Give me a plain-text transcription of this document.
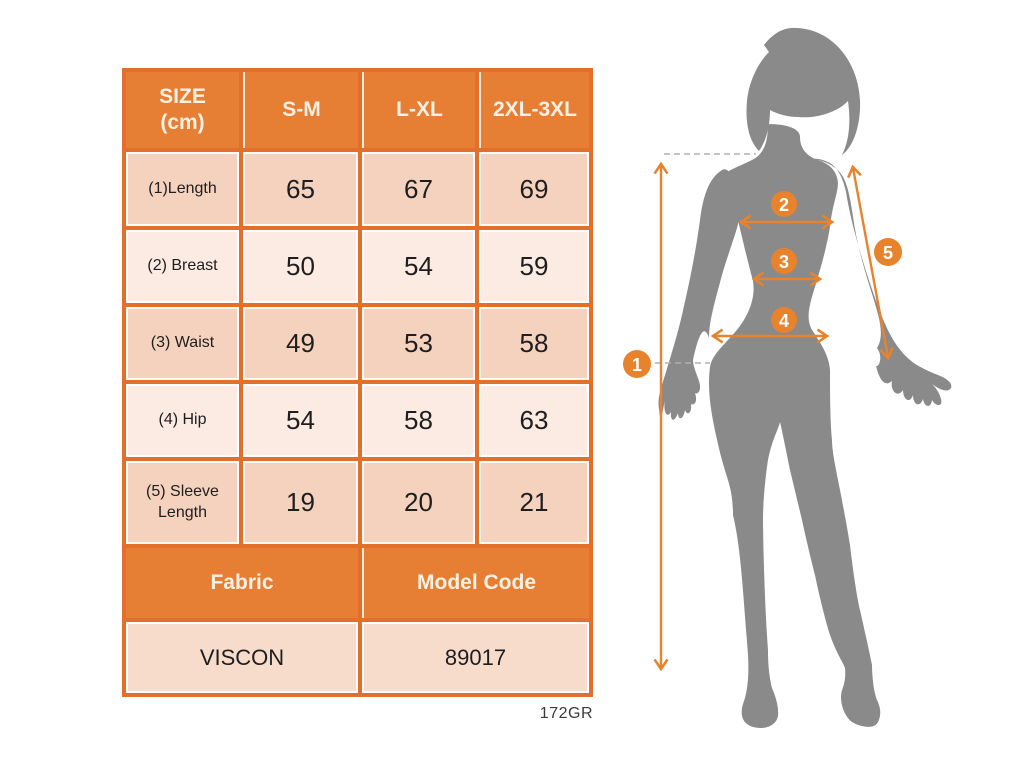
SIZE
(cm)
S-M	L-XL	2XL-3XL
(1)Length	65	67	69
(2) Breast	50	54	59
(3) Waist	49	53	58
(4) Hip	54	58	63
(5) Sleeve Length	19	20	21
Fabric	Model Code
VISCON	89017
172GR
1
2
3
4
5
